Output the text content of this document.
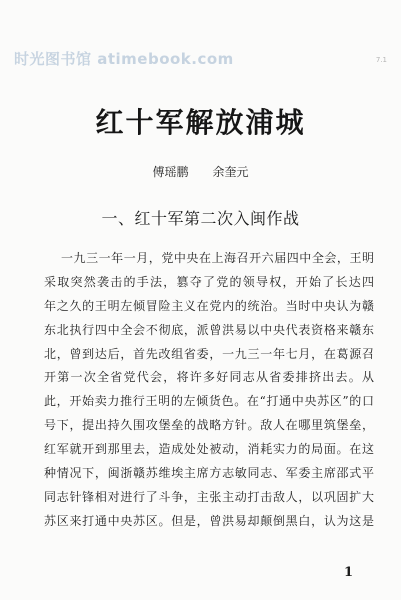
时光图书馆 atimebook.com	7.1
红十军解放浦城
傅瑶鹏 余奎元
一、红十军第二次入闽作战
一九三一年一月，党中央在上海召开六届四中全会，王明
采取突然袭击的手法，篡夺了党的领导权，开始了长达四
年之久的王明左倾冒险主义在党内的统治。当时中央认为赣
东北执行四中全会不彻底，派曾洪易以中央代表资格来赣东
北，曾到达后，首先改组省委，一九三一年七月，在葛源召
开第一次全省党代会，将许多好同志从省委排挤出去。从
此，开始卖力推行王明的左倾货色。在“打通中央苏区”的口
号下，提出持久围攻堡垒的战略方针。敌人在哪里筑堡垒，
红军就开到那里去，造成处处被动，消耗实力的局面。在这
种情况下，闽浙赣苏维埃主席方志敏同志、军委主席邵式平
同志针锋相对进行了斗争，主张主动打击敌人，以巩固扩大
苏区来打通中央苏区。但是，曾洪易却颠倒黑白，认为这是
1
